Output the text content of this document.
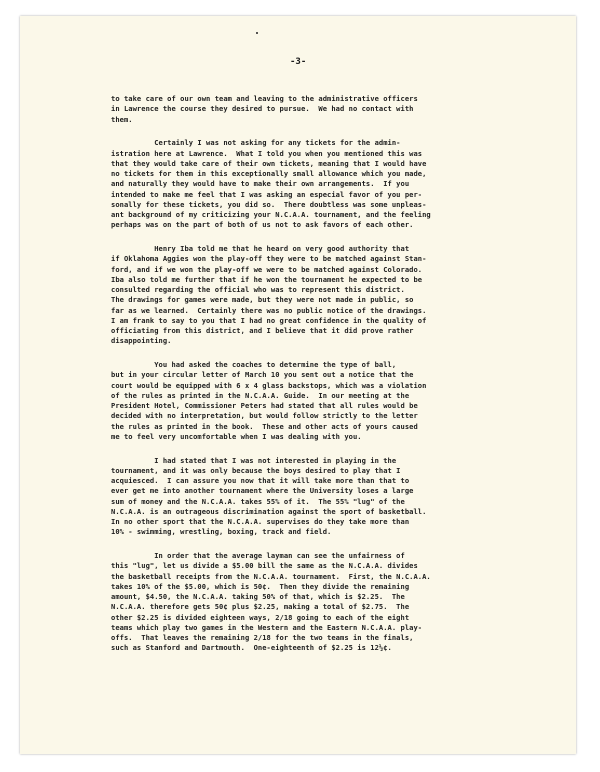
-3-

to take care of our own team and leaving to the administrative officers
in Lawrence the course they desired to pursue.  We had no contact with
them.
Certainly I was not asking for any tickets for the admin-
istration here at Lawrence.  What I told you when you mentioned this was
that they would take care of their own tickets, meaning that I would have
no tickets for them in this exceptionally small allowance which you made,
and naturally they would have to make their own arrangements.  If you
intended to make me feel that I was asking an especial favor of you per-
sonally for these tickets, you did so.  There doubtless was some unpleas-
ant background of my criticizing your N.C.A.A. tournament, and the feeling
perhaps was on the part of both of us not to ask favors of each other.
Henry Iba told me that he heard on very good authority that
if Oklahoma Aggies won the play-off they were to be matched against Stan-
ford, and if we won the play-off we were to be matched against Colorado.
Iba also told me further that if he won the tournament he expected to be
consulted regarding the official who was to represent this district.
The drawings for games were made, but they were not made in public, so
far as we learned.  Certainly there was no public notice of the drawings.
I am frank to say to you that I had no great confidence in the quality of
officiating from this district, and I believe that it did prove rather
disappointing.
You had asked the coaches to determine the type of ball,
but in your circular letter of March 10 you sent out a notice that the
court would be equipped with 6 x 4 glass backstops, which was a violation
of the rules as printed in the N.C.A.A. Guide.  In our meeting at the
President Hotel, Commissioner Peters had stated that all rules would be
decided with no interpretation, but would follow strictly to the letter
the rules as printed in the book.  These and other acts of yours caused
me to feel very uncomfortable when I was dealing with you.
I had stated that I was not interested in playing in the
tournament, and it was only because the boys desired to play that I
acquiesced.  I can assure you now that it will take more than that to
ever get me into another tournament where the University loses a large
sum of money and the N.C.A.A. takes 55% of it.  The 55% "lug" of the
N.C.A.A. is an outrageous discrimination against the sport of basketball.
In no other sport that the N.C.A.A. supervises do they take more than
10% - swimming, wrestling, boxing, track and field.
In order that the average layman can see the unfairness of
this "lug", let us divide a $5.00 bill the same as the N.C.A.A. divides
the basketball receipts from the N.C.A.A. tournament.  First, the N.C.A.A.
takes 10% of the $5.00, which is 50¢.  Then they divide the remaining
amount, $4.50, the N.C.A.A. taking 50% of that, which is $2.25.  The
N.C.A.A. therefore gets 50¢ plus $2.25, making a total of $2.75.  The
other $2.25 is divided eighteen ways, 2/18 going to each of the eight
teams which play two games in the Western and the Eastern N.C.A.A. play-
offs.  That leaves the remaining 2/18 for the two teams in the finals,
such as Stanford and Dartmouth.  One-eighteenth of $2.25 is 12½¢.
